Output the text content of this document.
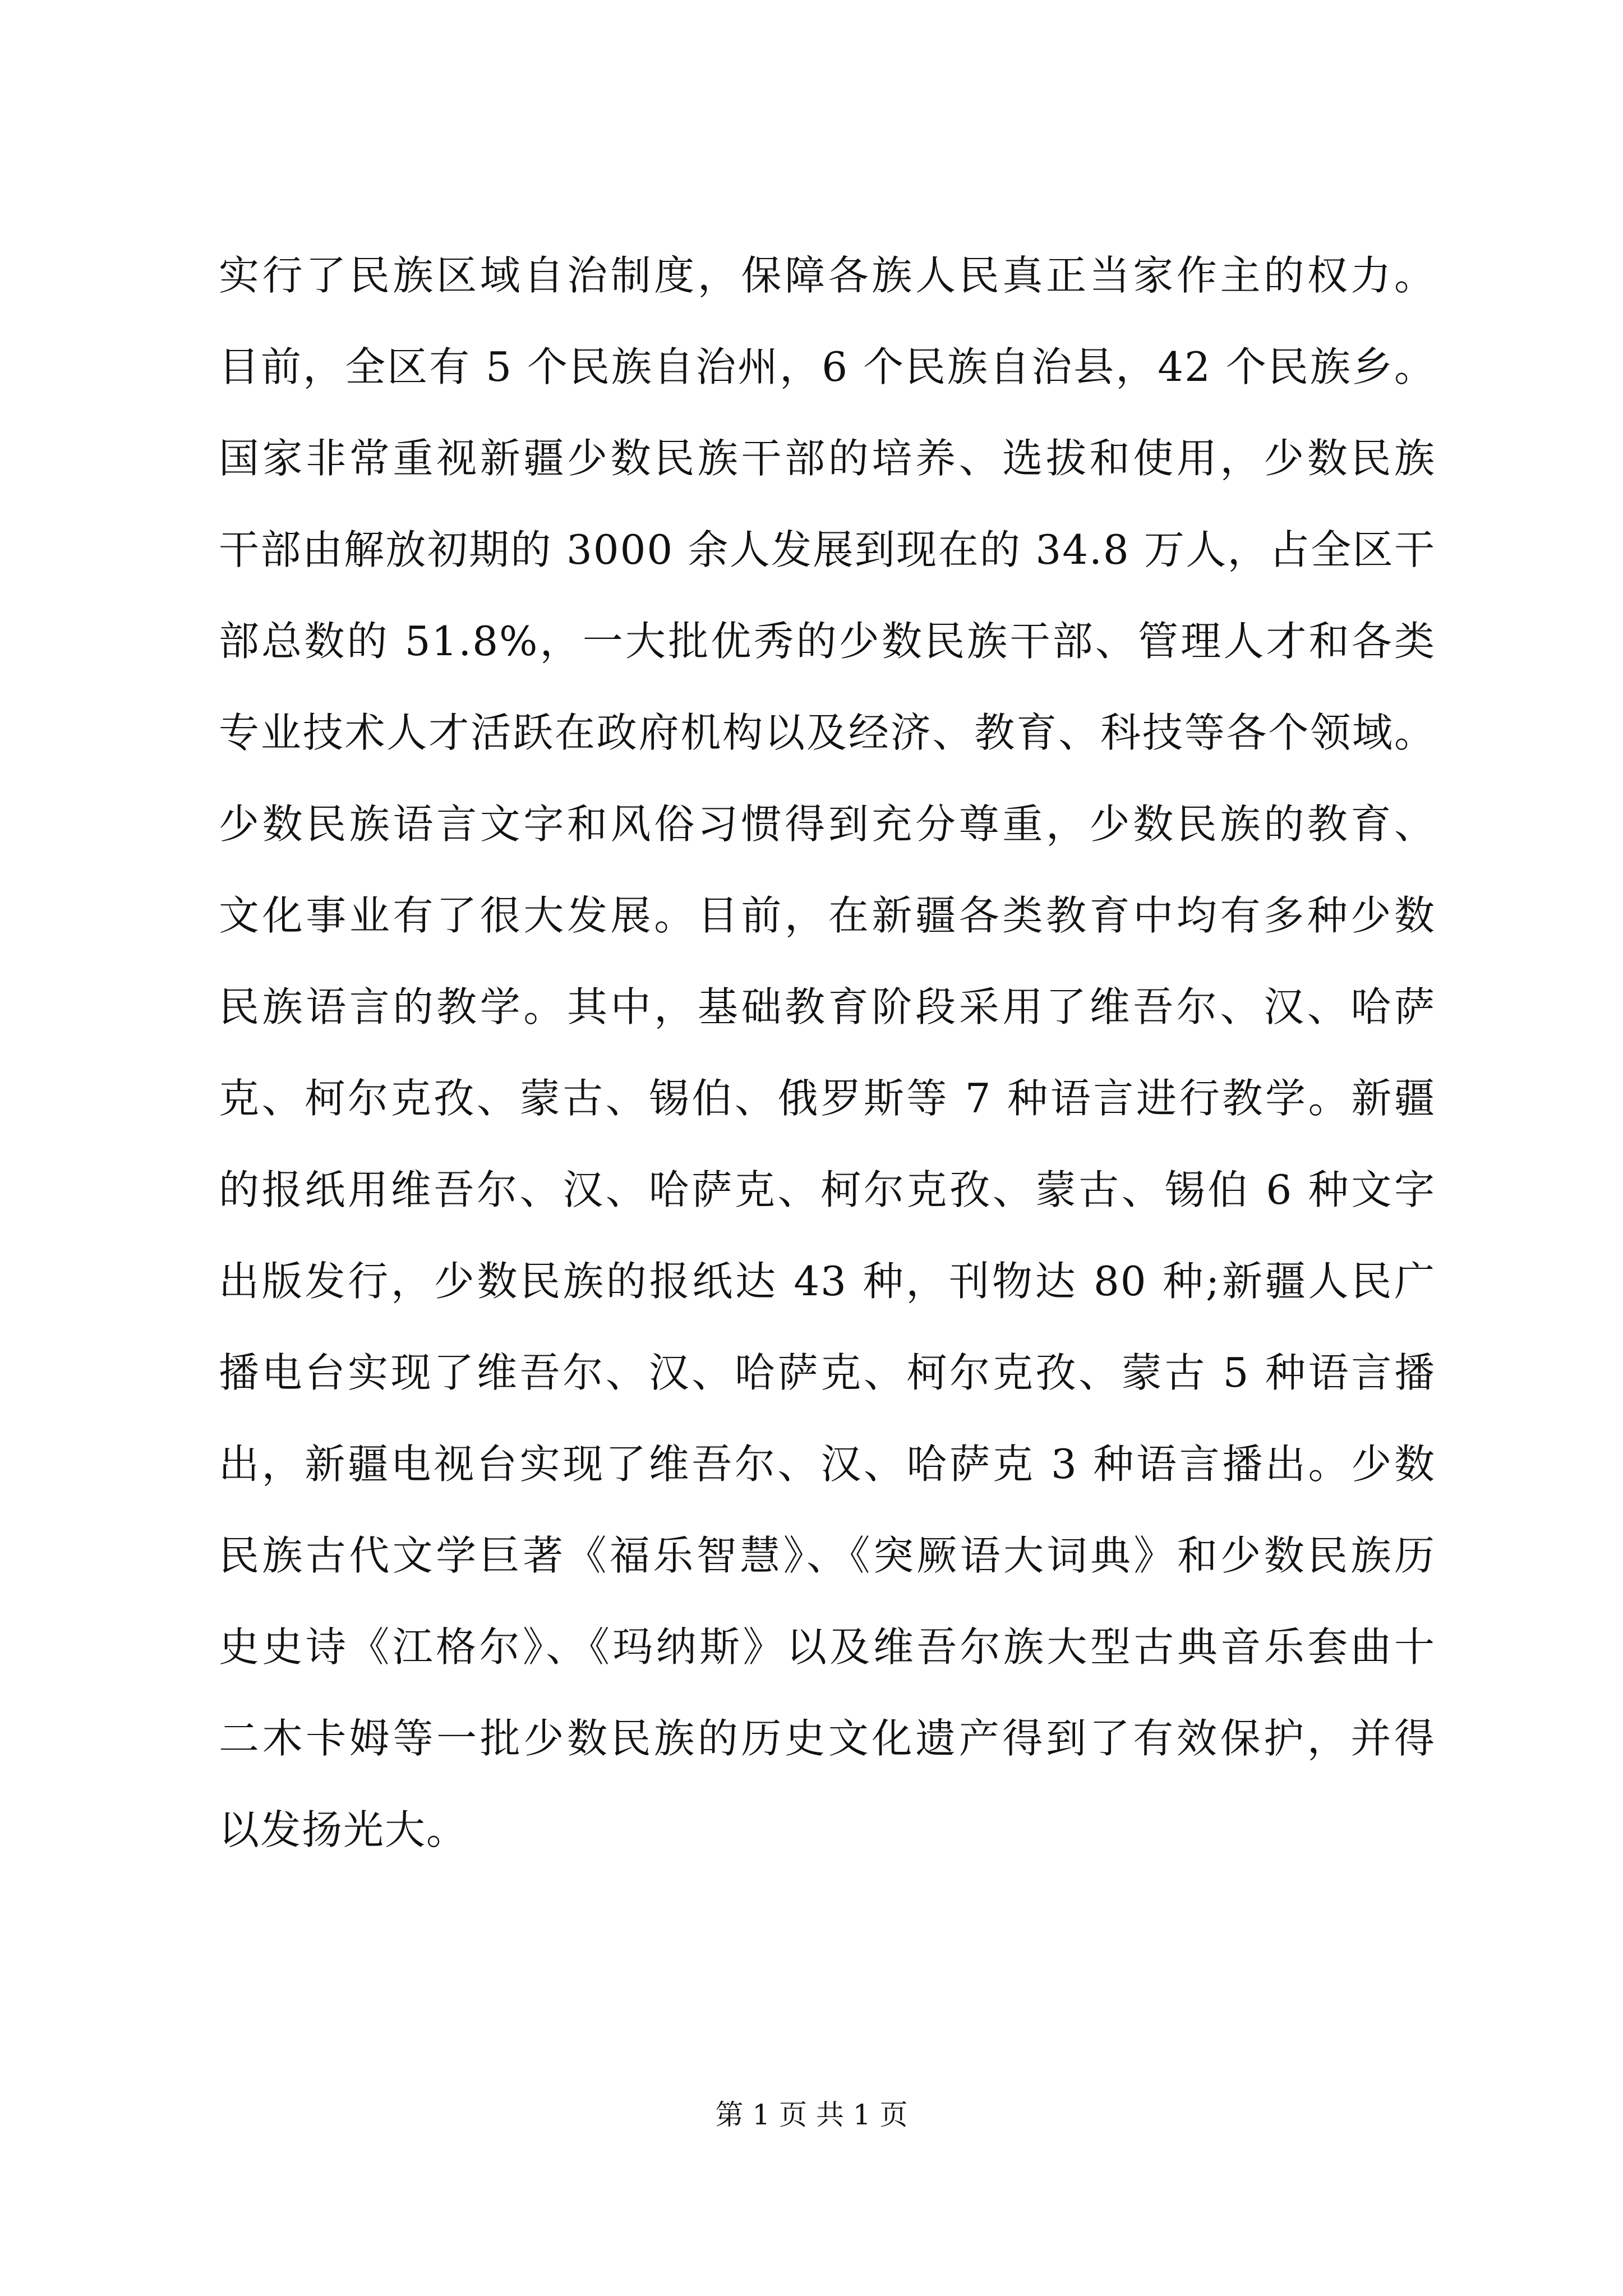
实行了民族区域自治制度，保障各族人民真正当家作主的权力。
目前，全区有 5 个民族自治州，6 个民族自治县，42 个民族乡。
国家非常重视新疆少数民族干部的培养、选拔和使用，少数民族
干部由解放初期的 3000 余人发展到现在的 34.8 万人，占全区干
部总数的 51.8%，一大批优秀的少数民族干部、管理人才和各类
专业技术人才活跃在政府机构以及经济、教育、科技等各个领域。
少数民族语言文字和风俗习惯得到充分尊重，少数民族的教育、
文化事业有了很大发展。目前，在新疆各类教育中均有多种少数
民族语言的教学。其中，基础教育阶段采用了维吾尔、汉、哈萨
克、柯尔克孜、蒙古、锡伯、俄罗斯等 7 种语言进行教学。新疆
的报纸用维吾尔、汉、哈萨克、柯尔克孜、蒙古、锡伯 6 种文字
出版发行，少数民族的报纸达 43 种，刊物达 80 种;新疆人民广
播电台实现了维吾尔、汉、哈萨克、柯尔克孜、蒙古 5 种语言播
出，新疆电视台实现了维吾尔、汉、哈萨克 3 种语言播出。少数
民族古代文学巨著《福乐智慧》、《突厥语大词典》和少数民族历
史史诗《江格尔》、《玛纳斯》以及维吾尔族大型古典音乐套曲十
二木卡姆等一批少数民族的历史文化遗产得到了有效保护，并得
以发扬光大。
第 1 页 共 1 页
